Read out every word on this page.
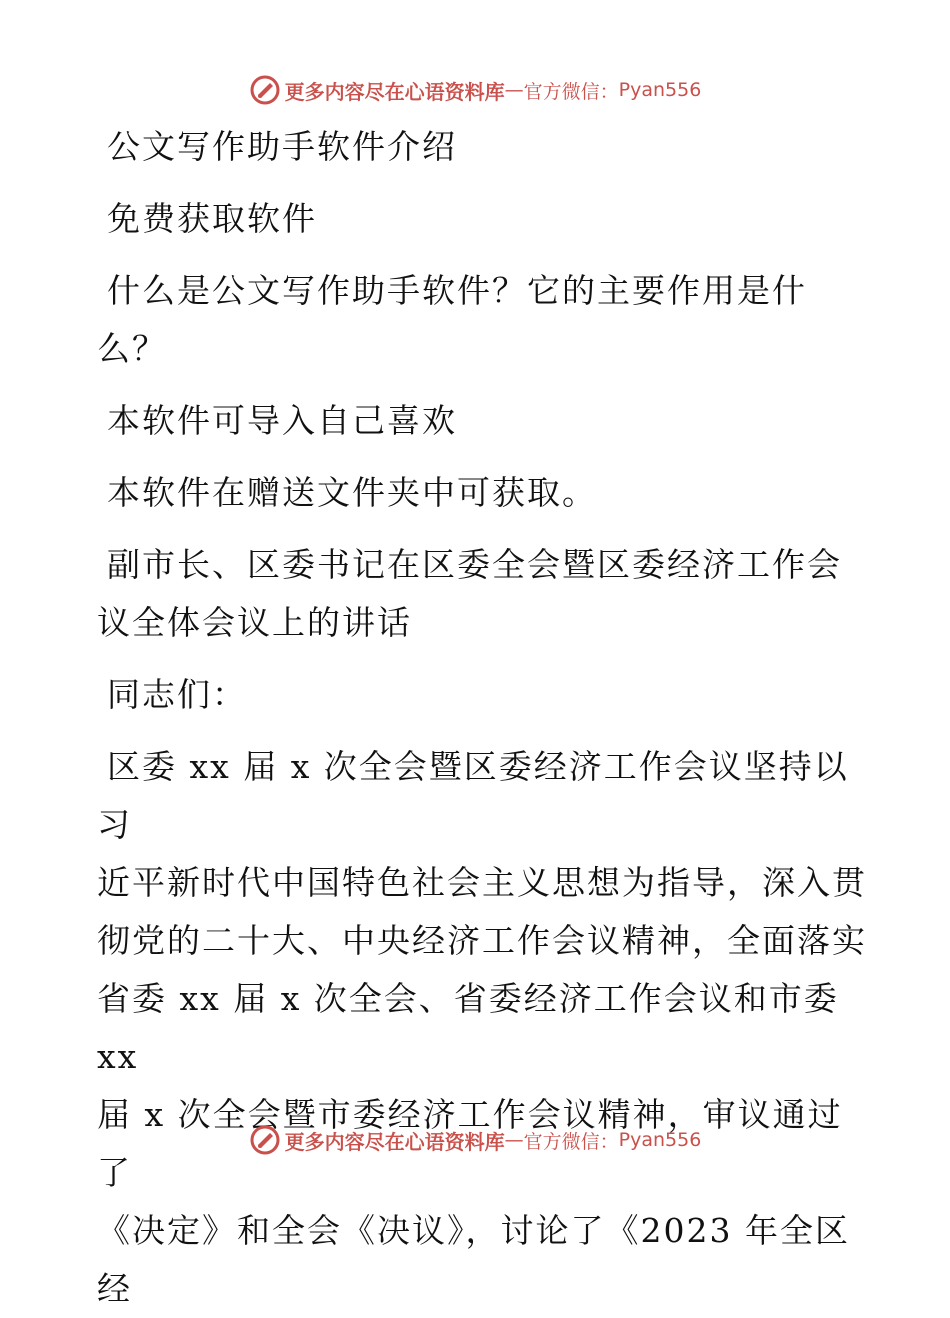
更多内容尽在心语资料库 — 官方微信： Pyan556

公文写作助手软件介绍

免费获取软件

什么是公文写作助手软件？它的主要作用是什

么？

本软件可导入自己喜欢

本软件在赠送文件夹中可获取。

副市长、区委书记在区委全会暨区委经济工作会

议全体会议上的讲话

同志们：

区委 xx 届 x 次全会暨区委经济工作会议坚持以习

近平新时代中国特色社会主义思想为指导，深入贯

彻党的二十大、中央经济工作会议精神，全面落实

省委 xx 届 x 次全会、省委经济工作会议和市委 xx

届 x 次全会暨市委经济工作会议精神，审议通过了

《决定》和全会《决议》，讨论了《2023 年全区经

更多内容尽在心语资料库 — 官方微信： Pyan556
